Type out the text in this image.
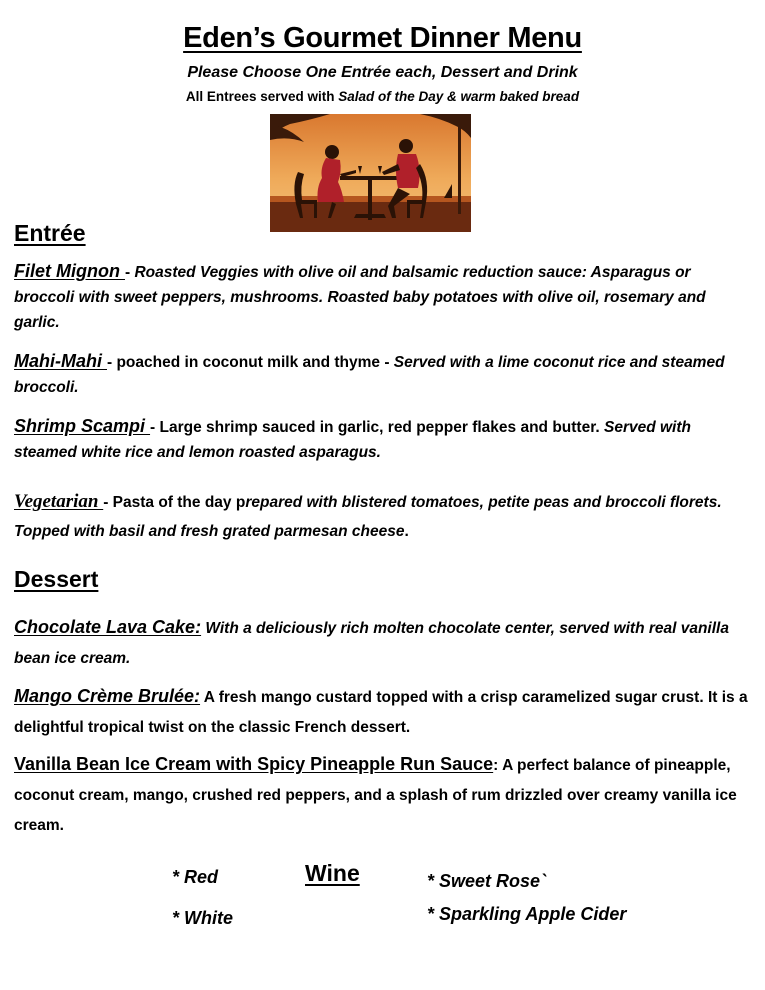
Eden’s Gourmet Dinner Menu
Please Choose One Entrée each, Dessert and Drink
All Entrees served with Salad of the Day & warm baked bread
Entrée
Filet Mignon - Roasted Veggies with olive oil and balsamic reduction sauce: Asparagus or broccoli with sweet peppers, mushrooms. Roasted baby potatoes with olive oil, rosemary and garlic.
Mahi-Mahi - poached in coconut milk and thyme - Served with a lime coconut rice and steamed broccoli.
Shrimp Scampi - Large shrimp sauced in garlic, red pepper flakes and butter. Served with steamed white rice and lemon roasted asparagus.
Vegetarian - Pasta of the day prepared with blistered tomatoes, petite peas and broccoli florets. Topped with basil and fresh grated parmesan cheese.
Dessert
Chocolate Lava Cake: With a deliciously rich molten chocolate center, served with real vanilla bean ice cream.
Mango Crème Brulée: A fresh mango custard topped with a crisp caramelized sugar crust. It is a delightful tropical twist on the classic French dessert.
Vanilla Bean Ice Cream with Spicy Pineapple Run Sauce: A perfect balance of pineapple, coconut cream, mango, crushed red peppers, and a splash of rum drizzled over creamy vanilla ice cream.
Wine
* Red
* White
* Sweet Rose`
* Sparkling Apple Cider
